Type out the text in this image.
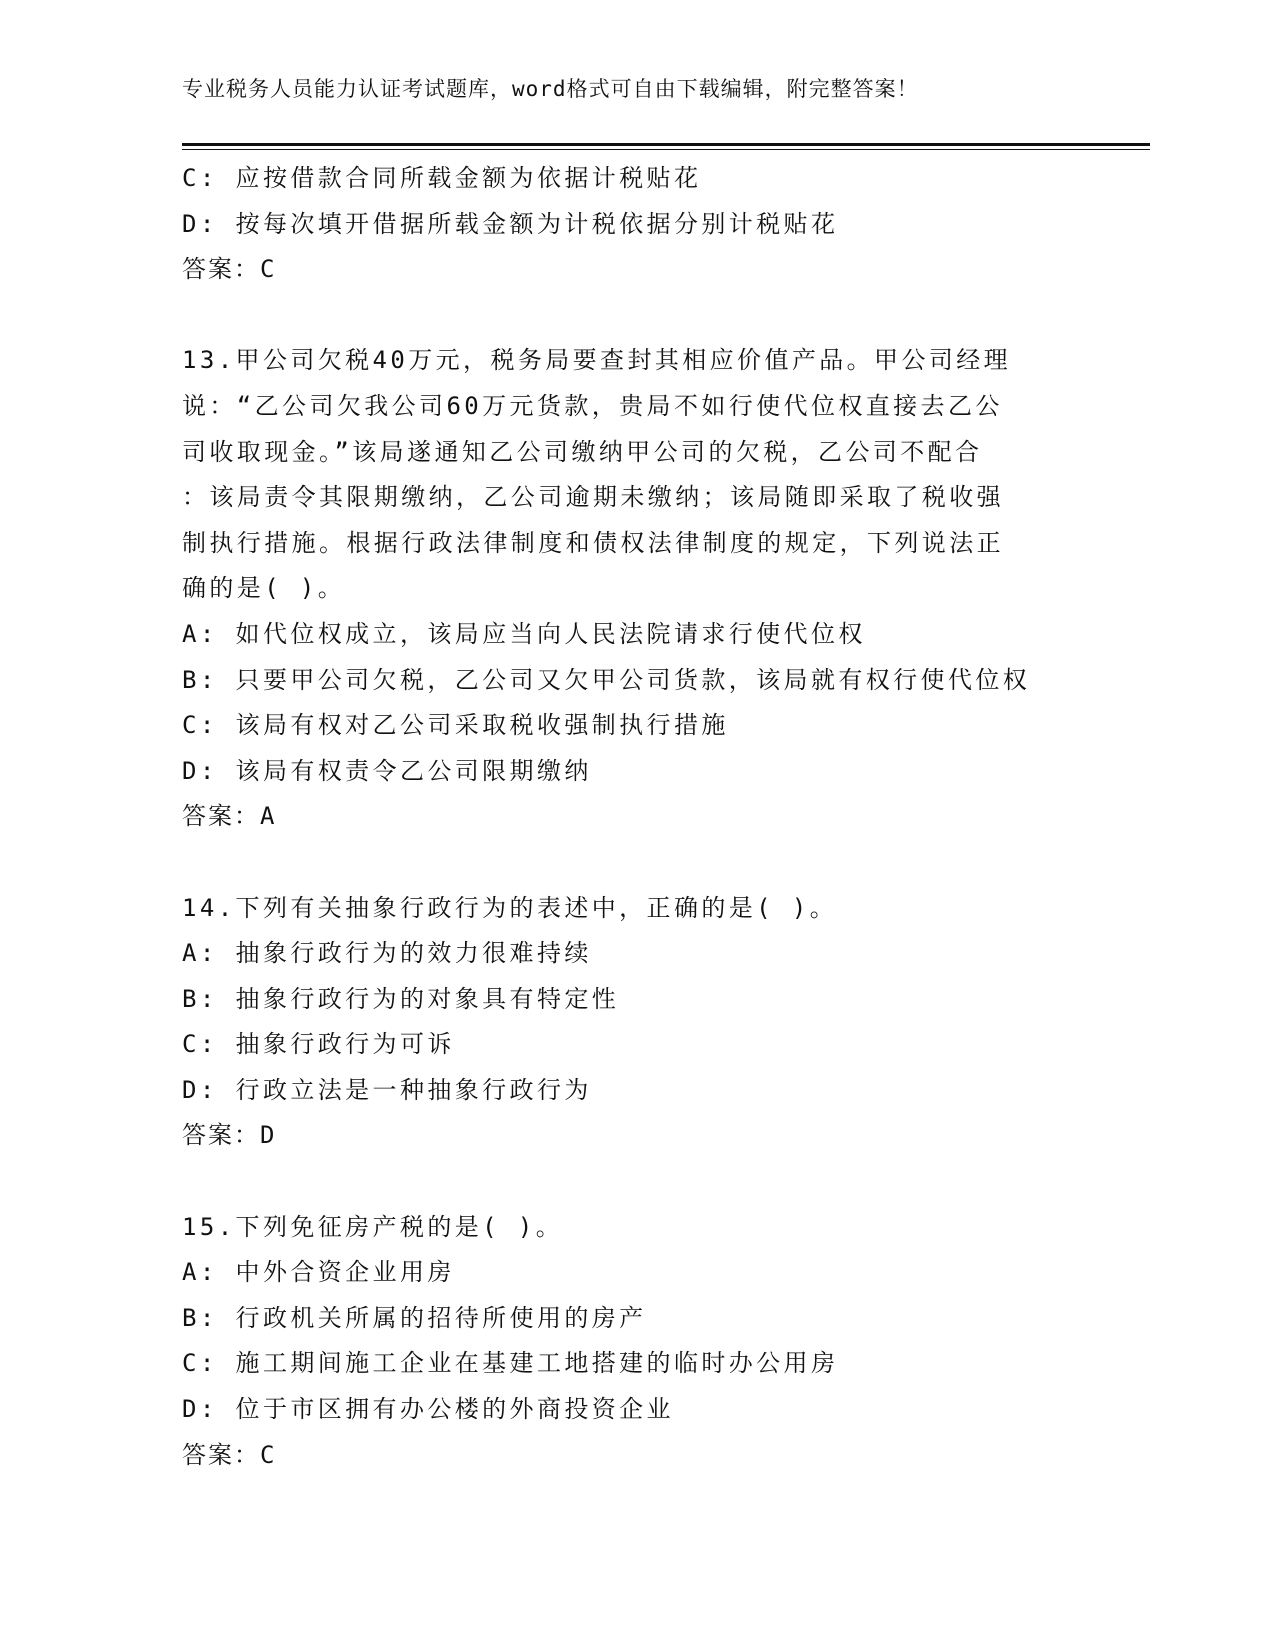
专业税务人员能力认证考试题库，word格式可自由下载编辑，附完整答案！
C: 应按借款合同所载金额为依据计税贴花
D: 按每次填开借据所载金额为计税依据分别计税贴花
答案：C
13.甲公司欠税40万元，税务局要查封其相应价值产品。甲公司经理
说：“乙公司欠我公司60万元货款，贵局不如行使代位权直接去乙公
司收取现金。”该局遂通知乙公司缴纳甲公司的欠税，乙公司不配合
：该局责令其限期缴纳，乙公司逾期未缴纳；该局随即采取了税收强
制执行措施。根据行政法律制度和债权法律制度的规定，下列说法正
确的是( )。
A: 如代位权成立，该局应当向人民法院请求行使代位权
B: 只要甲公司欠税，乙公司又欠甲公司货款，该局就有权行使代位权
C: 该局有权对乙公司采取税收强制执行措施
D: 该局有权责令乙公司限期缴纳
答案：A
14.下列有关抽象行政行为的表述中，正确的是( )。
A: 抽象行政行为的效力很难持续
B: 抽象行政行为的对象具有特定性
C: 抽象行政行为可诉
D: 行政立法是一种抽象行政行为
答案：D
15.下列免征房产税的是( )。
A: 中外合资企业用房
B: 行政机关所属的招待所使用的房产
C: 施工期间施工企业在基建工地搭建的临时办公用房
D: 位于市区拥有办公楼的外商投资企业
答案：C
